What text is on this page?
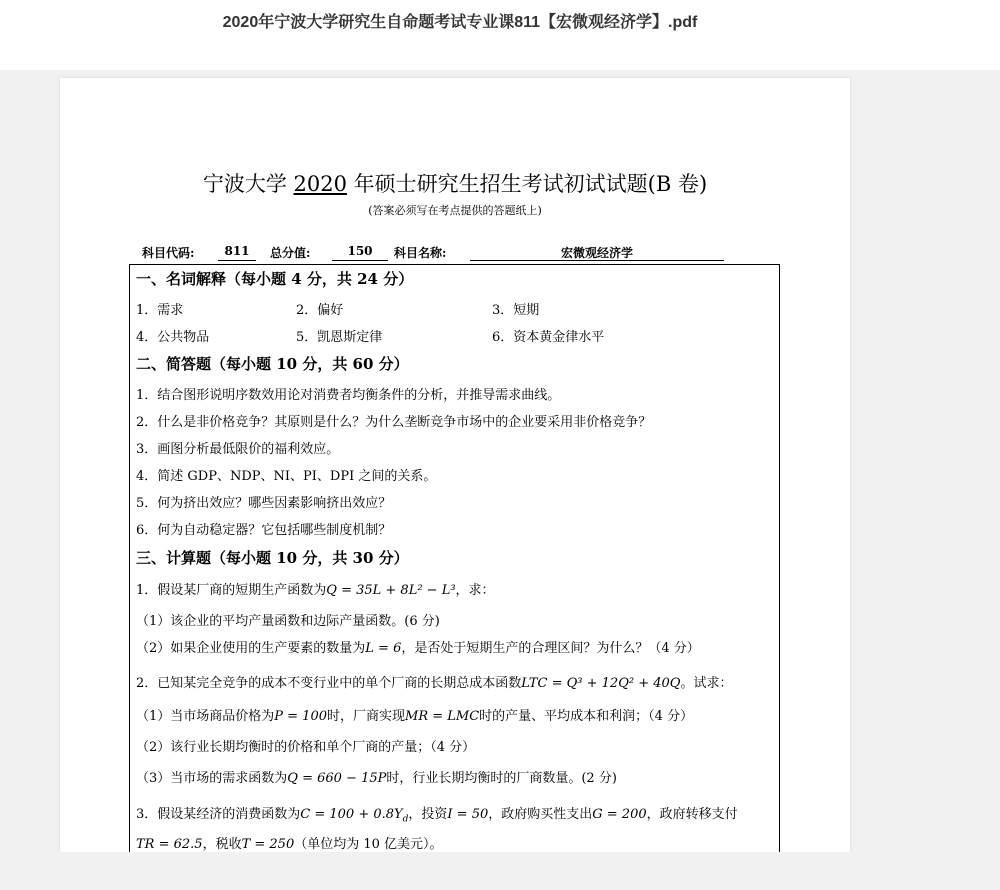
2020年宁波大学研究生自命题考试专业课811【宏微观经济学】.pdf
宁波大学 2020 年硕士研究生招生考试初试试题(B 卷)
(答案必须写在考点提供的答题纸上)
科目代码:	811	总分值:	150	科目名称:	宏微观经济学
一、名词解释（每小题 4 分，共 24 分）
1．需求	2．偏好	3．短期
4．公共物品	5．凯恩斯定律	6．资本黄金律水平
二、简答题（每小题 10 分，共 60 分）
1．结合图形说明序数效用论对消费者均衡条件的分析，并推导需求曲线。
2．什么是非价格竞争？其原则是什么？为什么垄断竞争市场中的企业要采用非价格竞争？
3．画图分析最低限价的福利效应。
4．简述 GDP、NDP、NI、PI、DPI 之间的关系。
5．何为挤出效应？哪些因素影响挤出效应？
6．何为自动稳定器？它包括哪些制度机制？
三、计算题（每小题 10 分，共 30 分）
1．假设某厂商的短期生产函数为Q = 35L + 8L² − L³，求：
（1）该企业的平均产量函数和边际产量函数。(6 分)
（2）如果企业使用的生产要素的数量为L = 6，是否处于短期生产的合理区间？为什么？（4 分）
2．已知某完全竞争的成本不变行业中的单个厂商的长期总成本函数LTC = Q³ + 12Q² + 40Q。试求：
（1）当市场商品价格为P = 100时，厂商实现MR = LMC时的产量、平均成本和利润；（4 分）
（2）该行业长期均衡时的价格和单个厂商的产量；（4 分）
（3）当市场的需求函数为Q = 660 − 15P时，行业长期均衡时的厂商数量。(2 分)
3．假设某经济的消费函数为$C = 100 + 0.8Y_d$，投资I = 50，政府购买性支出G = 200，政府转移支付
TR = 62.5，税收T = 250（单位均为 10 亿美元）。
